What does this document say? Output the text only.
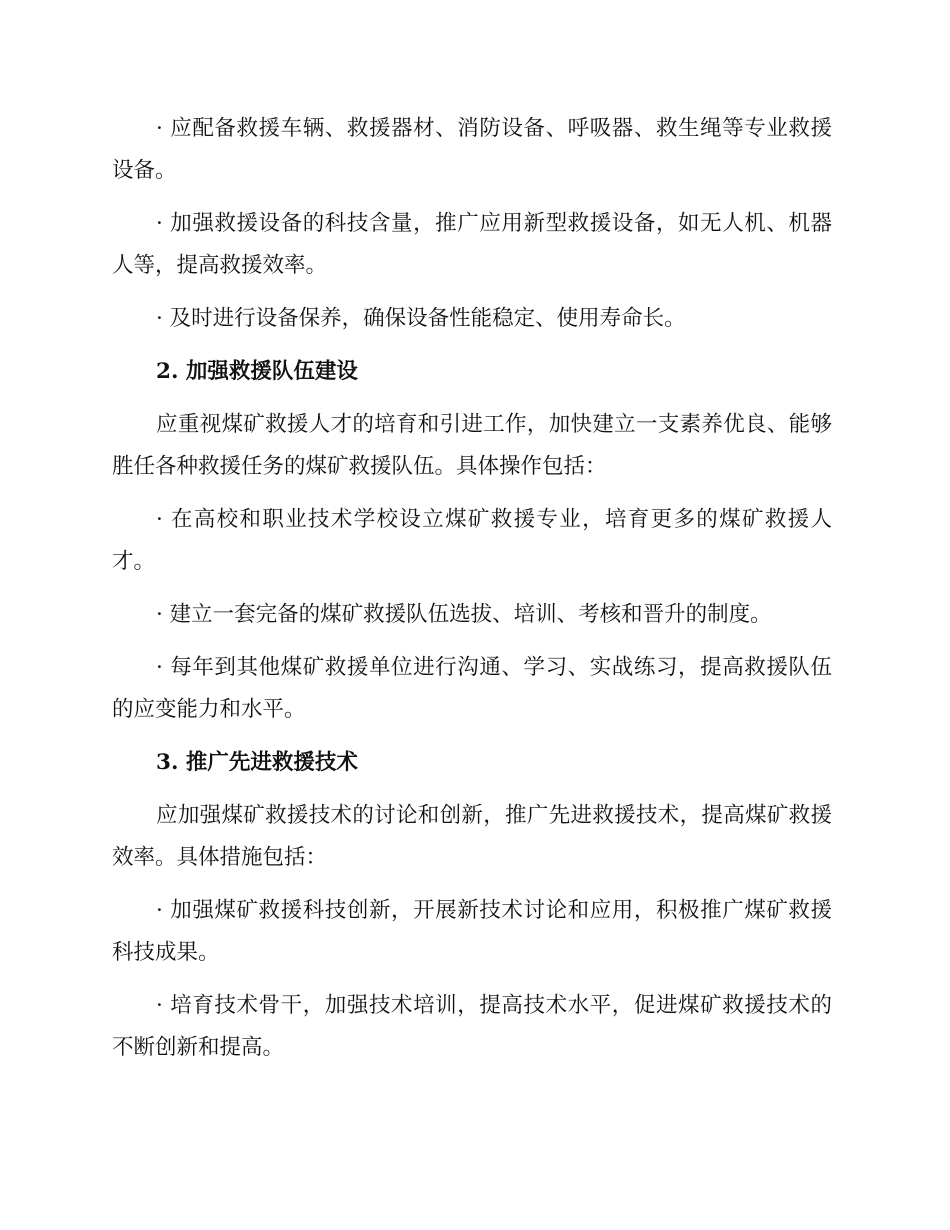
· 应配备救援车辆、救援器材、消防设备、呼吸器、救生绳等专业救援设备。

· 加强救援设备的科技含量，推广应用新型救援设备，如无人机、机器人等，提高救援效率。

· 及时进行设备保养，确保设备性能稳定、使用寿命长。

2. 加强救援队伍建设

应重视煤矿救援人才的培育和引进工作，加快建立一支素养优良、能够胜任各种救援任务的煤矿救援队伍。具体操作包括：

· 在高校和职业技术学校设立煤矿救援专业，培育更多的煤矿救援人才。

· 建立一套完备的煤矿救援队伍选拔、培训、考核和晋升的制度。

· 每年到其他煤矿救援单位进行沟通、学习、实战练习，提高救援队伍的应变能力和水平。

3. 推广先进救援技术

应加强煤矿救援技术的讨论和创新，推广先进救援技术，提高煤矿救援效率。具体措施包括：

· 加强煤矿救援科技创新，开展新技术讨论和应用，积极推广煤矿救援科技成果。

· 培育技术骨干，加强技术培训，提高技术水平，促进煤矿救援技术的不断创新和提高。
